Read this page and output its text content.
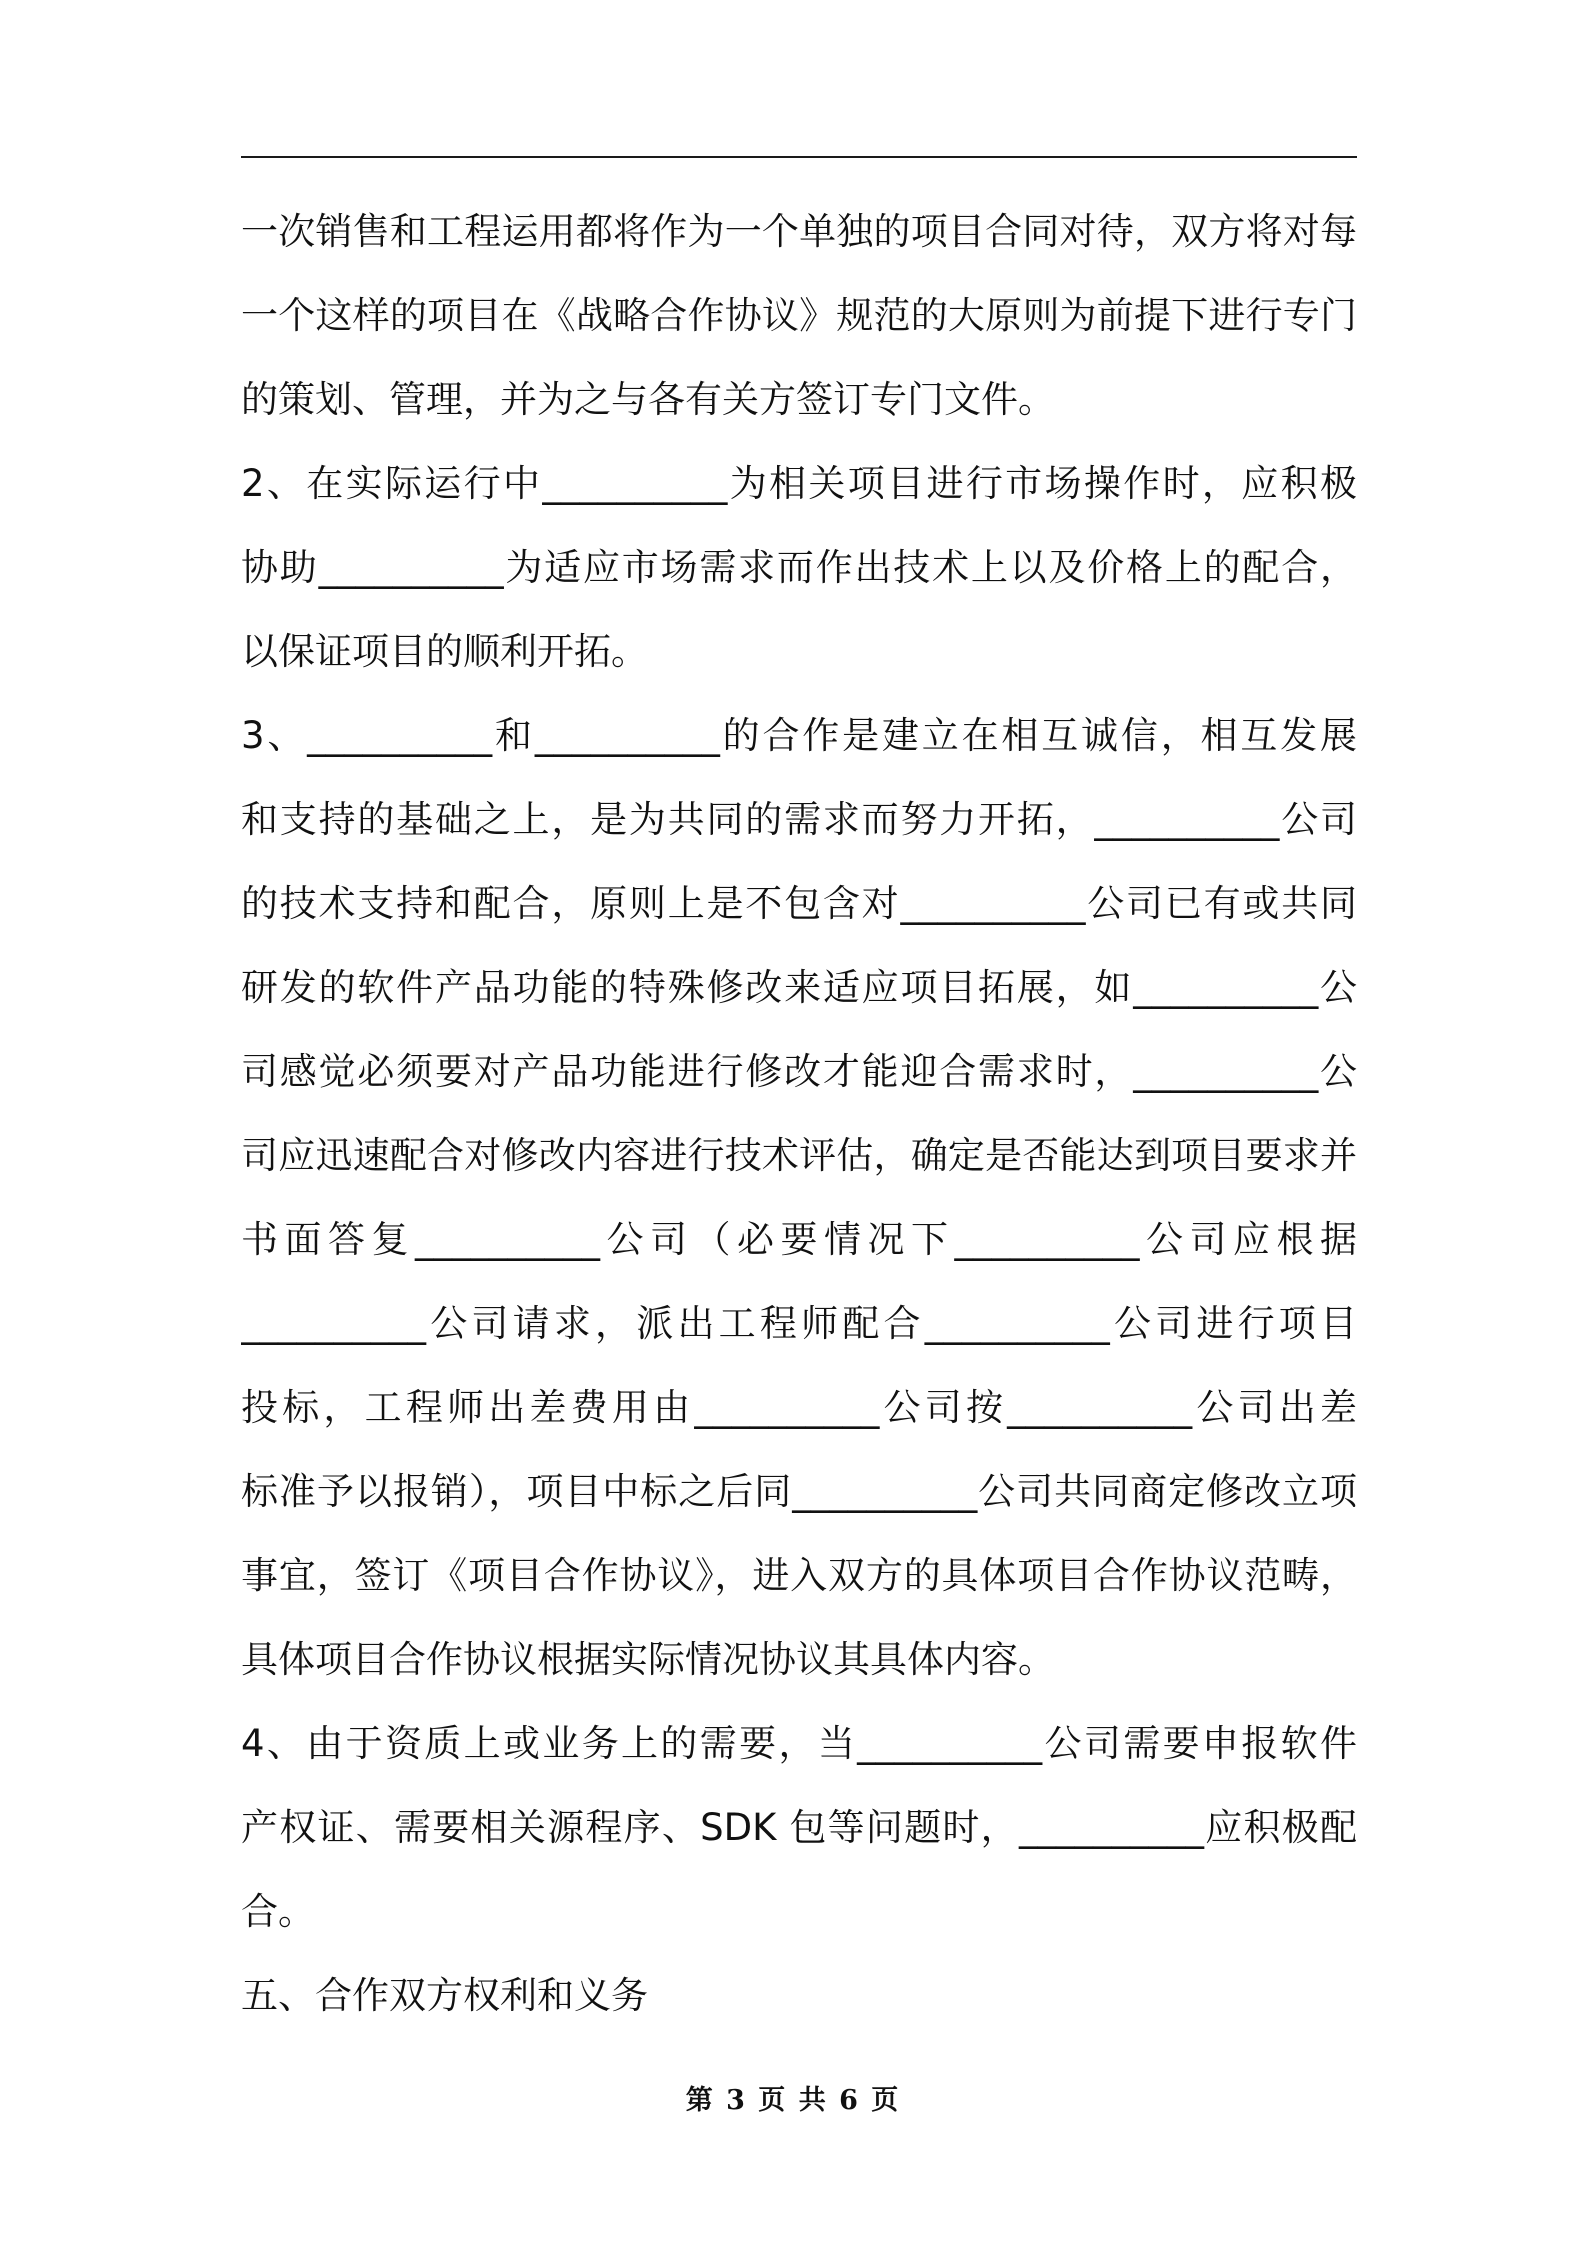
一次销售和工程运用都将作为一个单独的项目合同对待，双方将对每
一个这样的项目在《战略合作协议》规范的大原则为前提下进行专门
的策划、管理，并为之与各有关方签订专门文件。
2、在实际运行中__________为相关项目进行市场操作时，应积极
协助__________为适应市场需求而作出技术上以及价格上的配合，
以保证项目的顺利开拓。
3、__________和__________的合作是建立在相互诚信，相互发展
和支持的基础之上，是为共同的需求而努力开拓，__________公司
的技术支持和配合，原则上是不包含对__________公司已有或共同
研发的软件产品功能的特殊修改来适应项目拓展，如__________公
司感觉必须要对产品功能进行修改才能迎合需求时，__________公
司应迅速配合对修改内容进行技术评估，确定是否能达到项目要求并
书面答复__________公司（必要情况下__________公司应根据
__________公司请求，派出工程师配合__________公司进行项目
投标，工程师出差费用由__________公司按__________公司出差
标准予以报销），项目中标之后同__________公司共同商定修改立项
事宜，签订《项目合作协议》，进入双方的具体项目合作协议范畴，
具体项目合作协议根据实际情况协议其具体内容。
4、由于资质上或业务上的需要，当__________公司需要申报软件
产权证、需要相关源程序、SDK 包等问题时，__________应积极配
合。
五、合作双方权利和义务
第 3 页 共 6 页
